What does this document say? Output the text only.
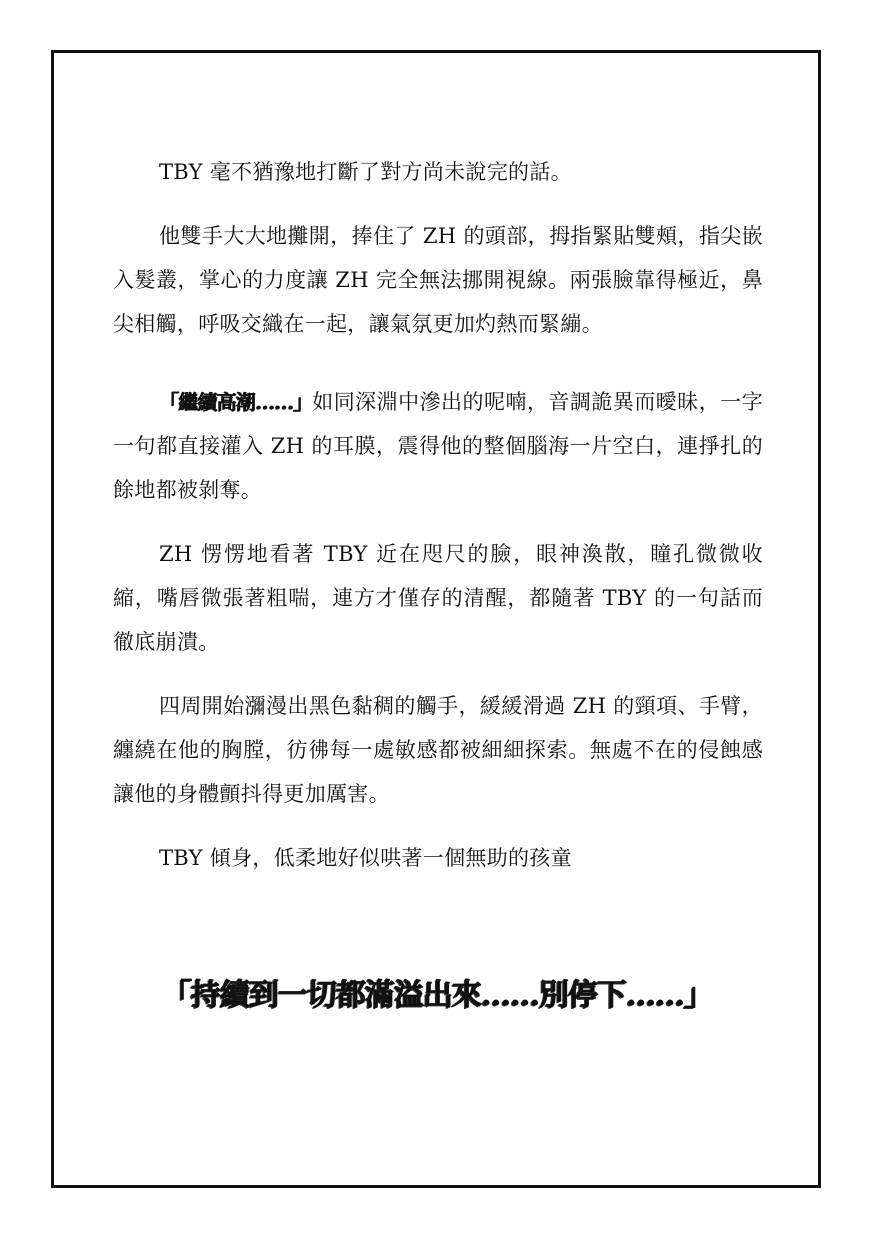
TBY 毫不猶豫地打斷了對方尚未說完的話。

他雙手大大地攤開，捧住了 ZH 的頭部，拇指緊貼雙頰，指尖嵌入髮叢，掌心的力度讓 ZH 完全無法挪開視線。兩張臉靠得極近，鼻尖相觸，呼吸交織在一起，讓氣氛更加灼熱而緊繃。

「繼續高潮……」如同深淵中滲出的呢喃，音調詭異而曖昧，一字一句都直接灌入 ZH 的耳膜，震得他的整個腦海一片空白，連掙扎的餘地都被剝奪。

ZH 愣愣地看著 TBY 近在咫尺的臉，眼神渙散，瞳孔微微收縮，嘴唇微張著粗喘，連方才僅存的清醒，都隨著 TBY 的一句話而徹底崩潰。

四周開始瀰漫出黑色黏稠的觸手，緩緩滑過 ZH 的頸項、手臂，纏繞在他的胸膛，彷彿每一處敏感都被細細探索。無處不在的侵蝕感讓他的身體顫抖得更加厲害。

TBY 傾身，低柔地好似哄著一個無助的孩童

「持續到一切都滿溢出來……別停下……」
